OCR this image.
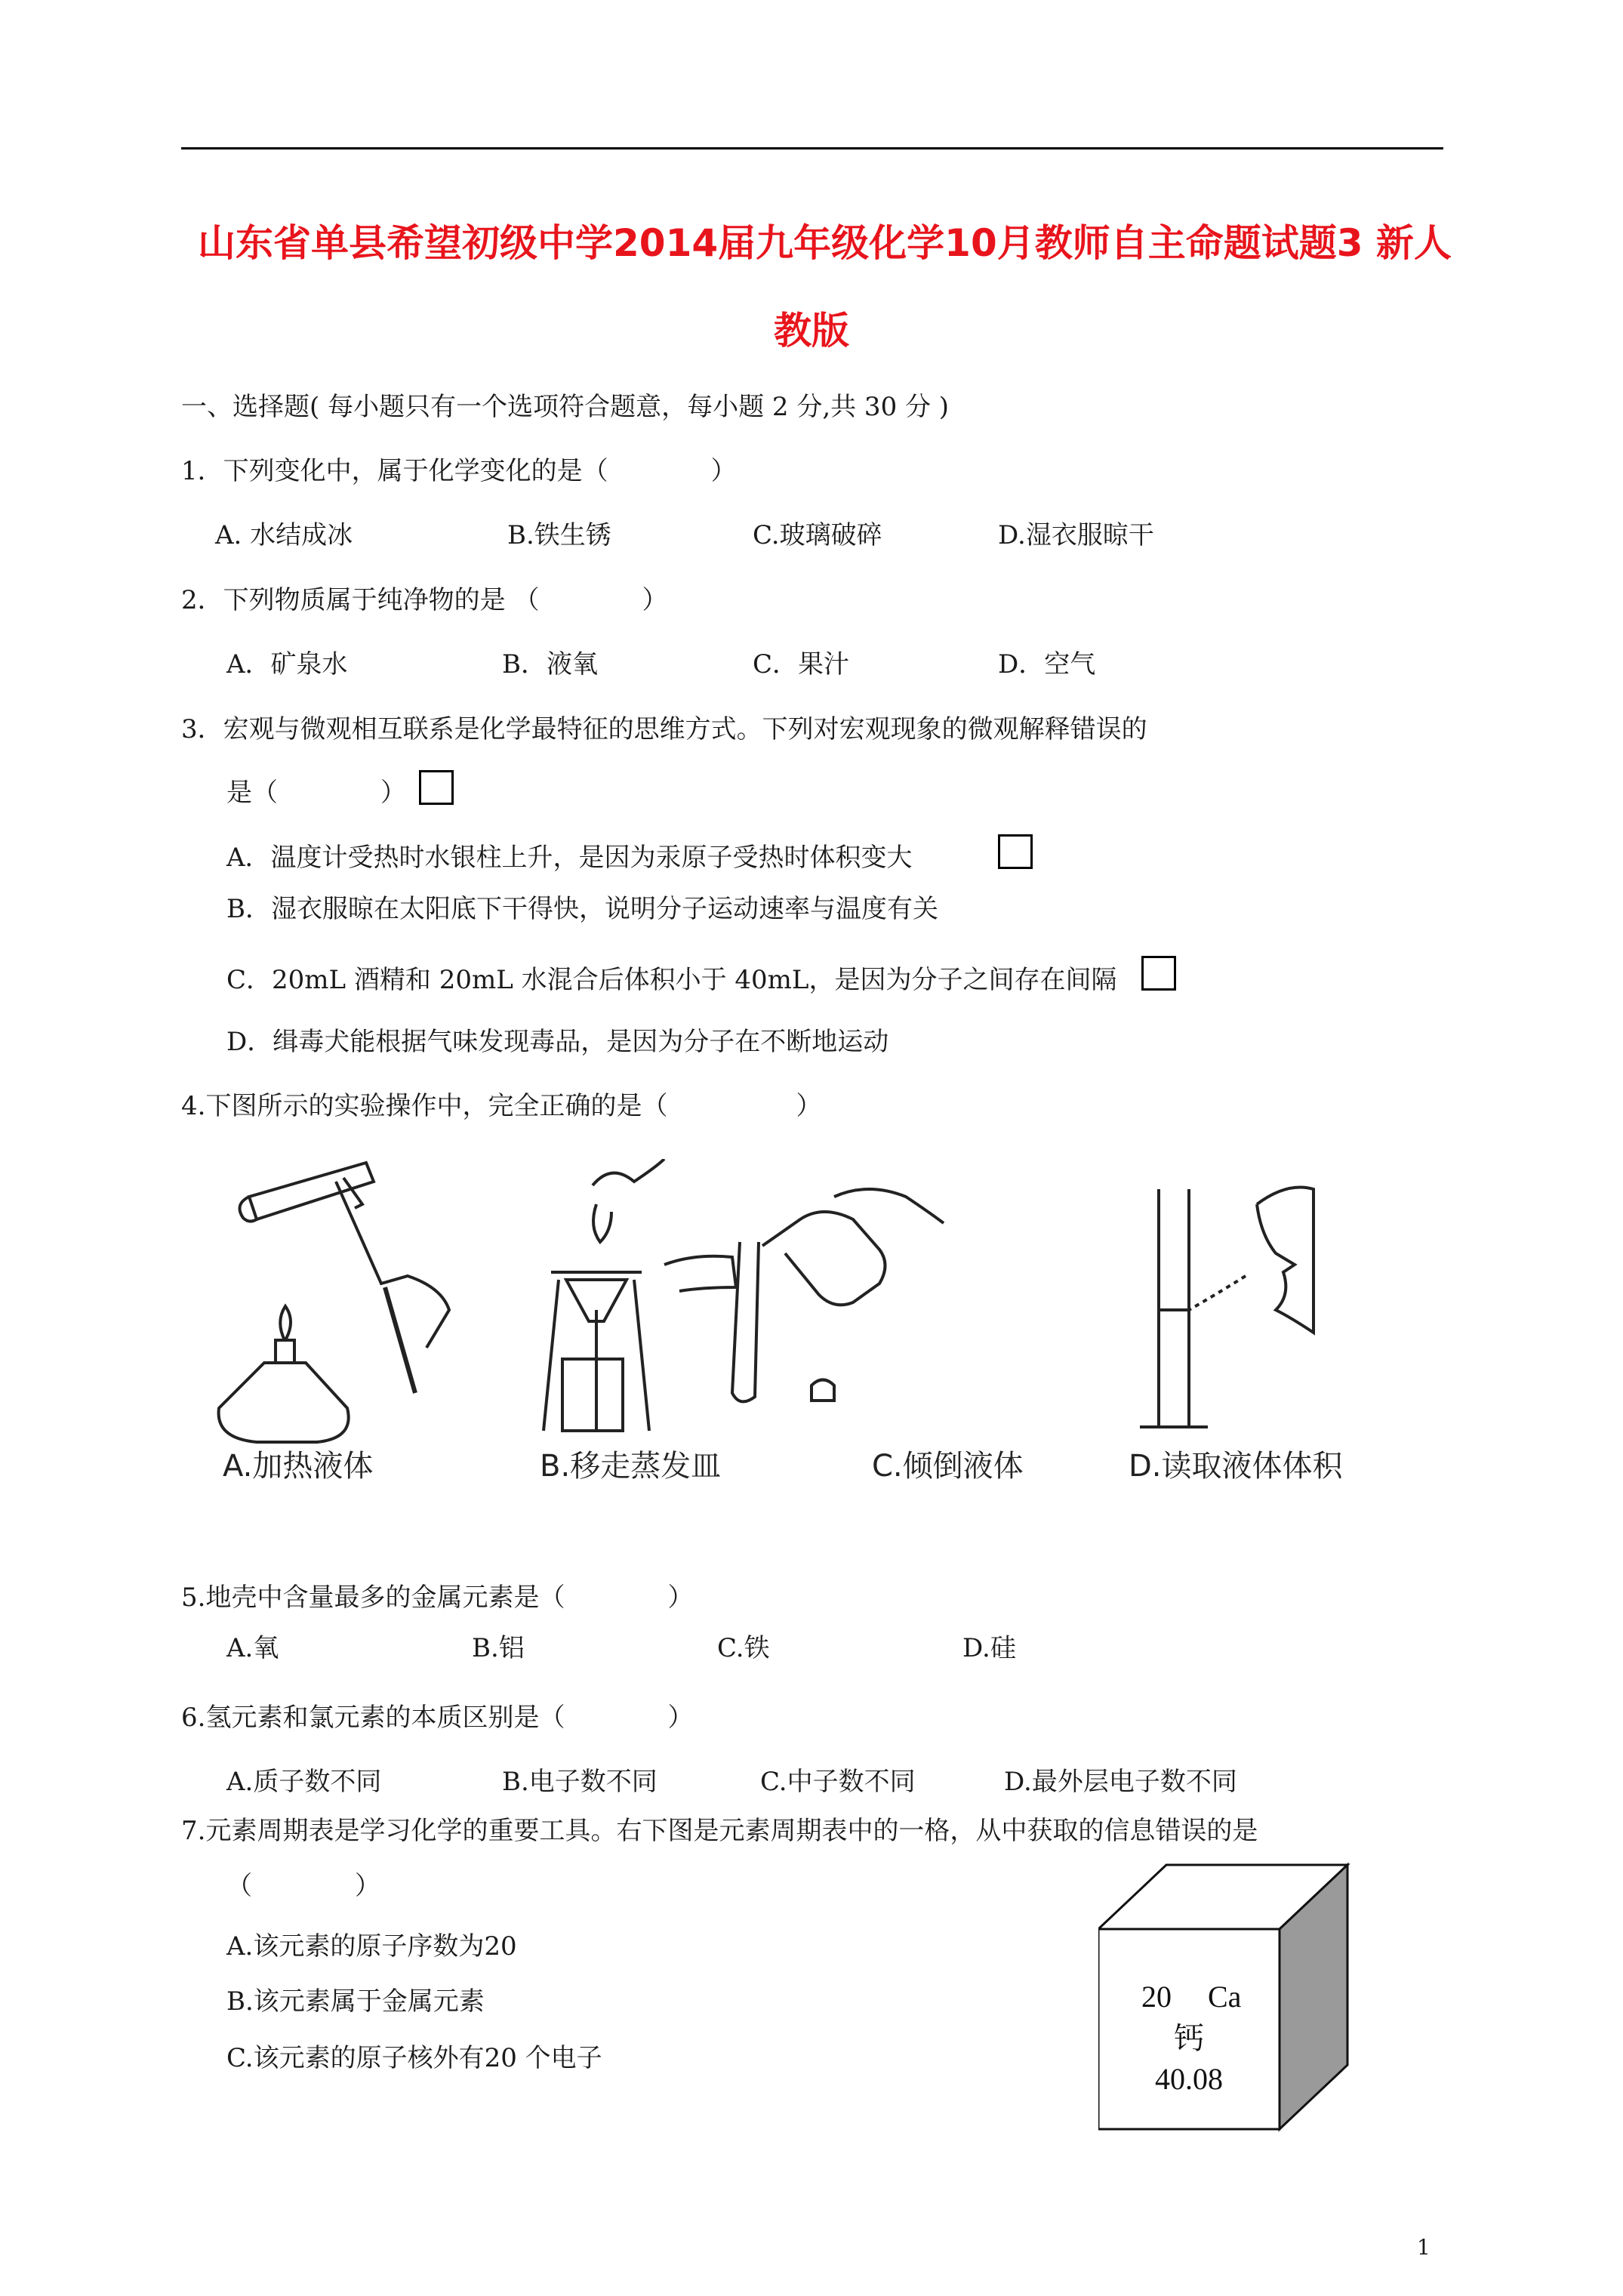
山东省单县希望初级中学2014届九年级化学10月教师自主命题试题3 新人
教版
一、选择题( 每小题只有一个选项符合题意，每小题 2 分,共 30 分 )
1．下列变化中，属于化学变化的是（　　　　）
A. 水结成冰	B.铁生锈	C.玻璃破碎	D.湿衣服晾干
2．下列物质属于纯净物的是 （　　　　）
A．矿泉水	B．液氧	C．果汁	D．空气
3．宏观与微观相互联系是化学最特征的思维方式。下列对宏观现象的微观解释错误的
是（　　　　）
A．温度计受热时水银柱上升，是因为汞原子受热时体积变大
B．湿衣服晾在太阳底下干得快，说明分子运动速率与温度有关
C．20mL 酒精和 20mL 水混合后体积小于 40mL，是因为分子之间存在间隔
D．缉毒犬能根据气味发现毒品，是因为分子在不断地运动
4.下图所示的实验操作中，完全正确的是（　　　　　）
A.加热液体	B.移走蒸发皿	C.倾倒液体	D.读取液体体积
5.地壳中含量最多的金属元素是（　　　　）
A.氧	B.铝	C.铁	D.硅
6.氢元素和氯元素的本质区别是（　　　　）
A.质子数不同	B.电子数不同	C.中子数不同	D.最外层电子数不同
7.元素周期表是学习化学的重要工具。右下图是元素周期表中的一格，从中获取的信息错误的是
（　　　　）
A.该元素的原子序数为20
B.该元素属于金属元素
C.该元素的原子核外有20 个电子
20 Ca
钙
40.08
1
